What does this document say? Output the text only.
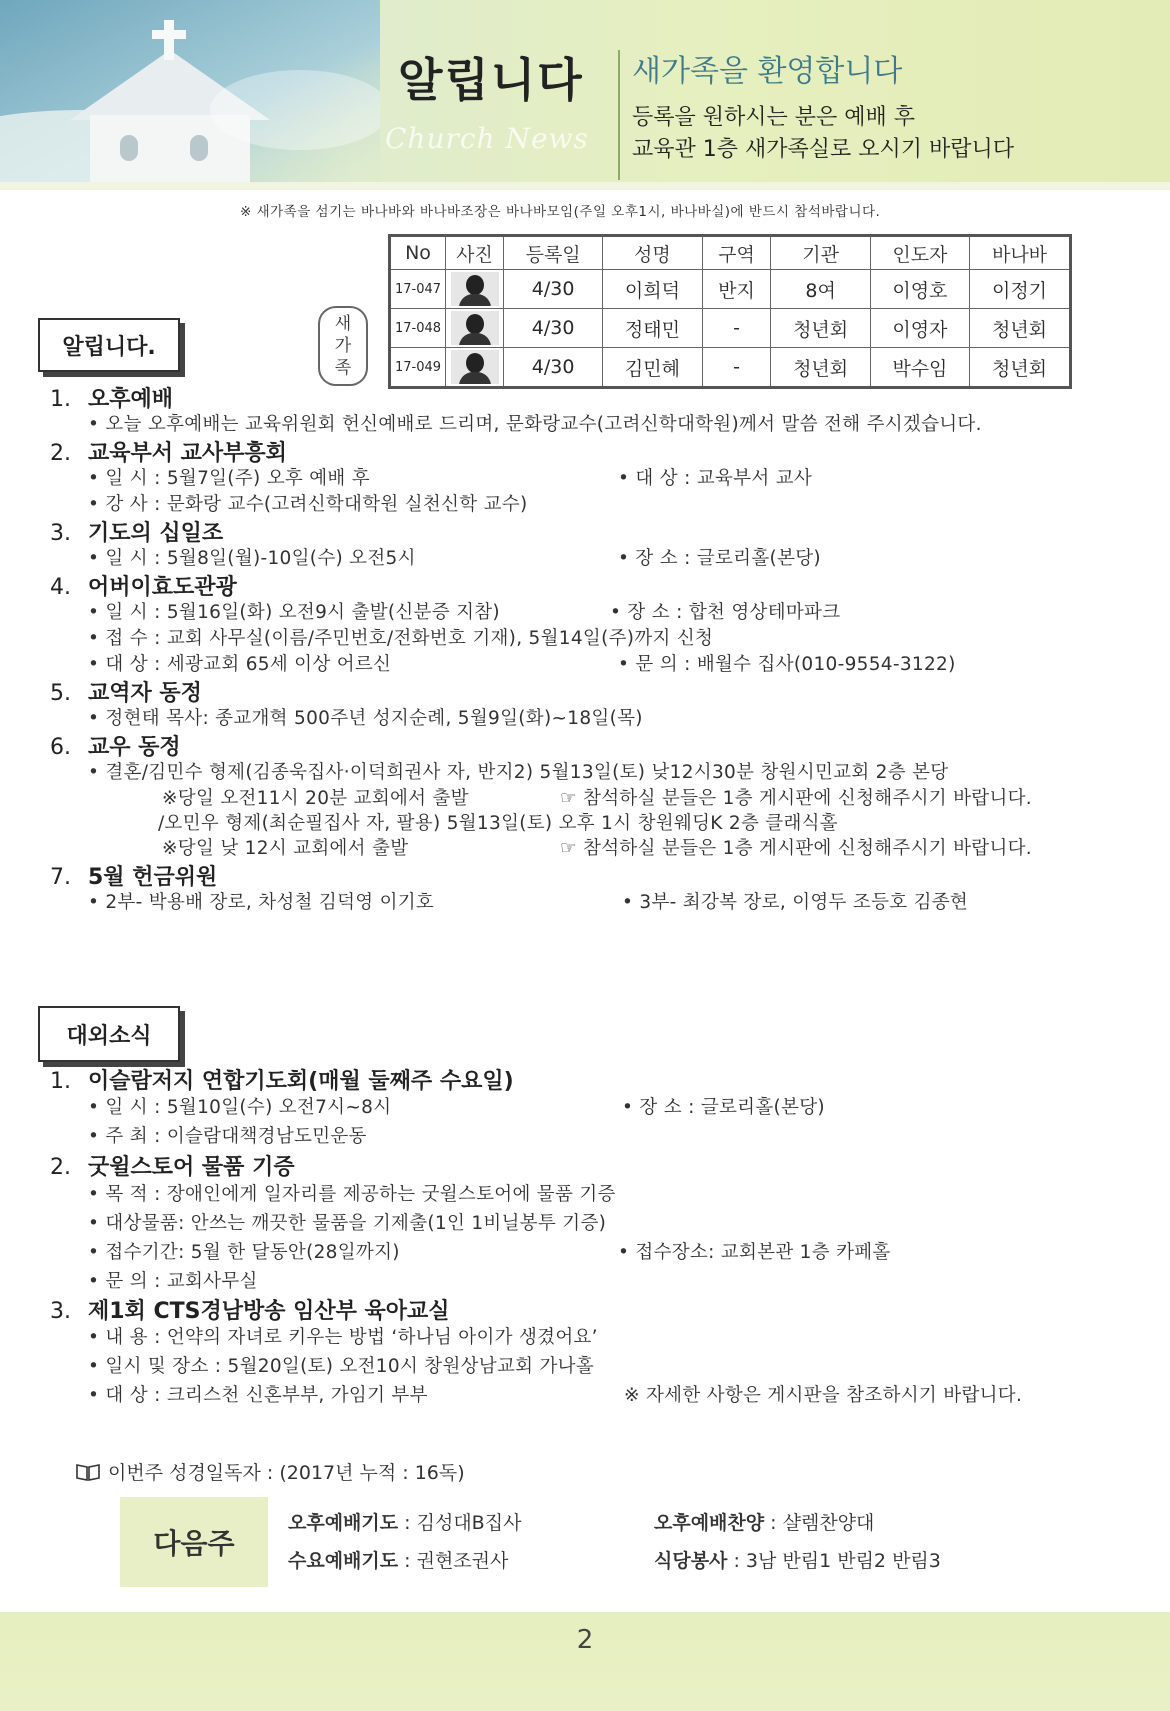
알립니다
Church News
새가족을 환영합니다
등록을 원하시는 분은 예배 후
교육관 1층 새가족실로 오시기 바랍니다
※ 새가족을 섬기는 바나바와 바나바조장은 바나바모임(주일 오후1시, 바나바실)에 반드시 참석바랍니다.
새
가
족
No	사진	등록일	성명	구역	기관	인도자	바나바
17-047		4/30	이희덕	반지	8여	이영호	이정기
17-048		4/30	정태민	-	청년회	이영자	청년회
17-049		4/30	김민혜	-	청년회	박수임	청년회
알립니다.
1. 오후예배
• 오늘 오후예배는 교육위원회 헌신예배로 드리며, 문화랑교수(고려신학대학원)께서 말씀 전해 주시겠습니다.
2. 교육부서 교사부흥회
• 일 시 : 5월7일(주) 오후 예배 후	• 대 상 : 교육부서 교사
• 강 사 : 문화랑 교수(고려신학대학원 실천신학 교수)
3. 기도의 십일조
• 일 시 : 5월8일(월)-10일(수) 오전5시	• 장 소 : 글로리홀(본당)
4. 어버이효도관광
• 일 시 : 5월16일(화) 오전9시 출발(신분증 지참)	• 장 소 : 합천 영상테마파크
• 접 수 : 교회 사무실(이름/주민번호/전화번호 기재), 5월14일(주)까지 신청
• 대 상 : 세광교회 65세 이상 어르신	• 문 의 : 배월수 집사(010-9554-3122)
5. 교역자 동정
• 정현태 목사: 종교개혁 500주년 성지순례, 5월9일(화)~18일(목)
6. 교우 동정
• 결혼/김민수 형제(김종욱집사·이덕희권사 자, 반지2) 5월13일(토) 낮12시30분 창원시민교회 2층 본당
※당일 오전11시 20분 교회에서 출발	☞ 참석하실 분들은 1층 게시판에 신청해주시기 바랍니다.
/오민우 형제(최순필집사 자, 팔용) 5월13일(토) 오후 1시 창원웨딩K 2층 클래식홀
※당일 낮 12시 교회에서 출발	☞ 참석하실 분들은 1층 게시판에 신청해주시기 바랍니다.
7. 5월 헌금위원
• 2부- 박용배 장로, 차성철 김덕영 이기호	• 3부- 최강복 장로, 이영두 조등호 김종현
대외소식
1. 이슬람저지 연합기도회(매월 둘째주 수요일)
• 일 시 : 5월10일(수) 오전7시~8시	• 장 소 : 글로리홀(본당)
• 주 최 : 이슬람대책경남도민운동
2. 굿윌스토어 물품 기증
• 목 적 : 장애인에게 일자리를 제공하는 굿윌스토어에 물품 기증
• 대상물품: 안쓰는 깨끗한 물품을 기제출(1인 1비닐봉투 기증)
• 접수기간: 5월 한 달동안(28일까지)	• 접수장소: 교회본관 1층 카페홀
• 문 의 : 교회사무실
3. 제1회 CTS경남방송 임산부 육아교실
• 내 용 : 언약의 자녀로 키우는 방법 ‘하나님 아이가 생겼어요’
• 일시 및 장소 : 5월20일(토) 오전10시 창원상남교회 가나홀
• 대 상 : 크리스천 신혼부부, 가임기 부부	※ 자세한 사항은 게시판을 참조하시기 바랍니다.
이번주 성경일독자 : (2017년 누적 : 16독)
다음주
오후예배기도 : 김성대B집사	오후예배찬양 : 샬렘찬양대
수요예배기도 : 권현조권사	식당봉사 : 3남 반림1 반림2 반림3
2
